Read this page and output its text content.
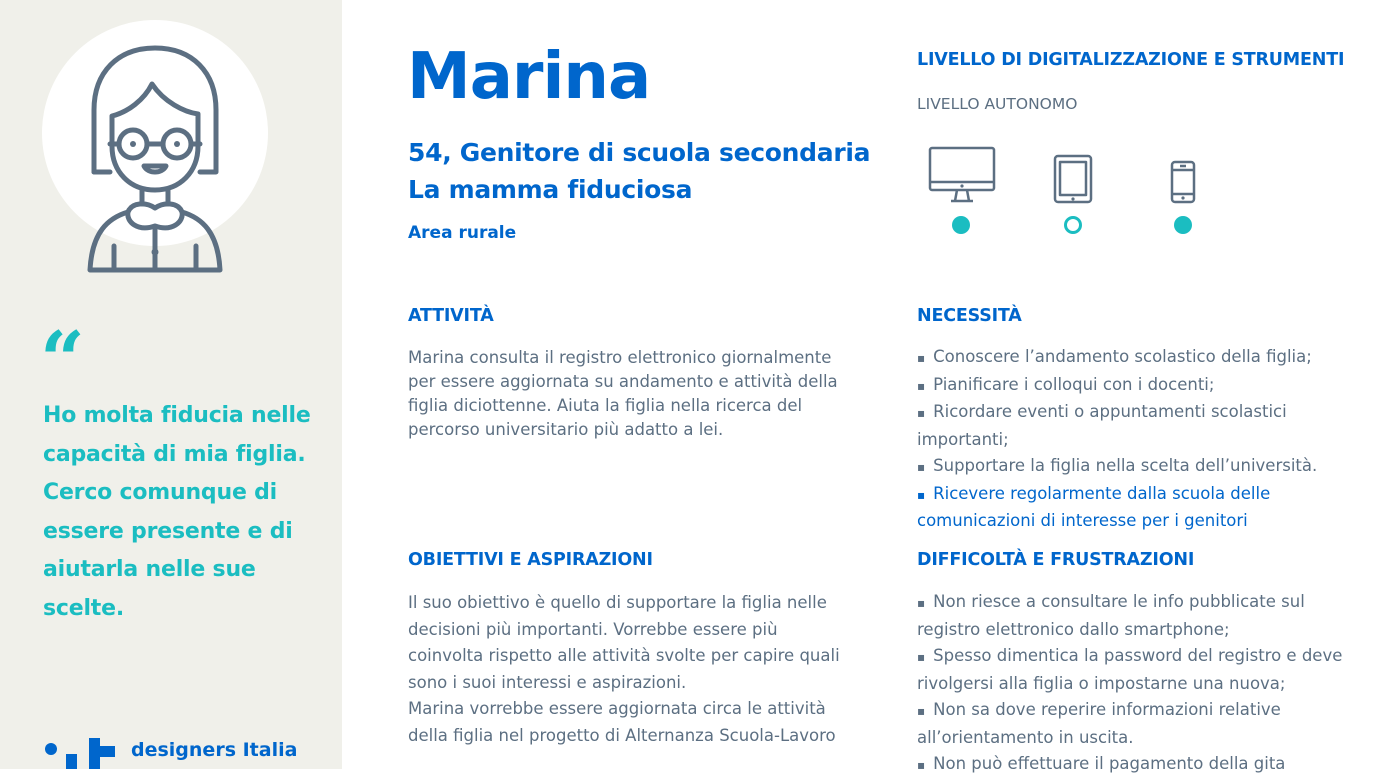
“
Ho molta fiducia nelle capacità di mia figlia. Cerco comunque di essere presente e di aiutarla nelle sue scelte.
designers Italia
Marina
54, Genitore di scuola secondaria
La mamma fiduciosa
Area rurale
LIVELLO DI DIGITALIZZAZIONE E STRUMENTI
LIVELLO AUTONOMO
ATTIVITÀ

Marina consulta il registro elettronico giornalmente per essere aggiornata su andamento e attività della figlia diciottenne. Aiuta la figlia nella ricerca del percorso universitario più adatto a lei.

NECESSITÀ
▪ Conoscere l’andamento scolastico della figlia;
▪ Pianificare i colloqui con i docenti;
▪ Ricordare eventi o appuntamenti scolastici importanti;
▪ Supportare la figlia nella scelta dell’università.
▪ Ricevere regolarmente dalla scuola delle comunicazioni di interesse per i genitori
OBIETTIVI E ASPIRAZIONI

Il suo obiettivo è quello di supportare la figlia nelle decisioni più importanti. Vorrebbe essere più coinvolta rispetto alle attività svolte per capire quali sono i suoi interessi e aspirazioni.

Marina vorrebbe essere aggiornata circa le attività della figlia nel progetto di Alternanza Scuola-Lavoro

DIFFICOLTÀ E FRUSTRAZIONI
▪ Non riesce a consultare le info pubblicate sul registro elettronico dallo smartphone;
▪ Spesso dimentica la password del registro e deve rivolgersi alla figlia o impostarne una nuova;
▪ Non sa dove reperire informazioni relative all’orientamento in uscita.
▪ Non può effettuare il pagamento della gita
